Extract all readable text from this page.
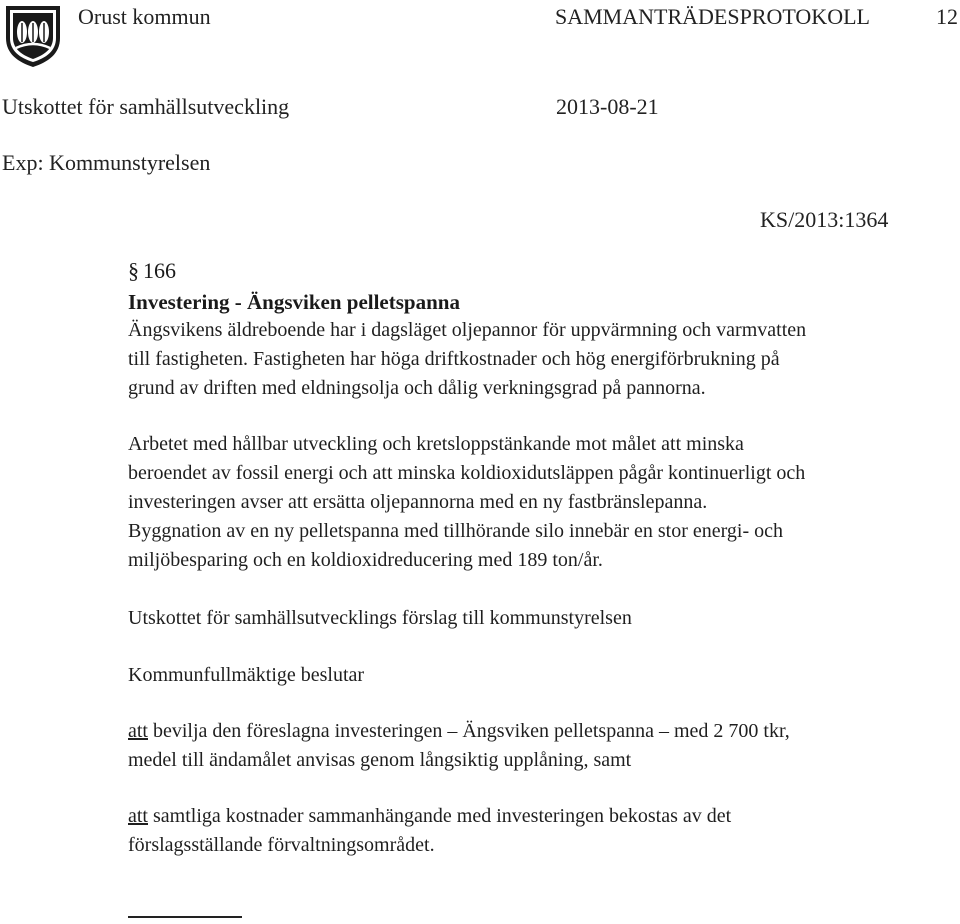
Orust kommun	SAMMANTRÄDESPROTOKOLL	12
Utskottet för samhällsutveckling	2013-08-21
Exp: Kommunstyrelsen
KS/2013:1364
§ 166
Investering - Ängsviken pelletspanna

Ängsvikens äldreboende har i dagsläget oljepannor för uppvärmning och varmvatten

till fastigheten. Fastigheten har höga driftkostnader och hög energiförbrukning på

grund av driften med eldningsolja och dålig verkningsgrad på pannorna.

Arbetet med hållbar utveckling och kretsloppstänkande mot målet att minska

beroendet av fossil energi och att minska koldioxidutsläppen pågår kontinuerligt och

investeringen avser att ersätta oljepannorna med en ny fastbränslepanna.

Byggnation av en ny pelletspanna med tillhörande silo innebär en stor energi- och

miljöbesparing och en koldioxidreducering med 189 ton/år.

Utskottet för samhällsutvecklings förslag till kommunstyrelsen

Kommunfullmäktige beslutar

att bevilja den föreslagna investeringen – Ängsviken pelletspanna – med 2 700 tkr,

medel till ändamålet anvisas genom långsiktig upplåning, samt

att samtliga kostnader sammanhängande med investeringen bekostas av det

förslagsställande förvaltningsområdet.
